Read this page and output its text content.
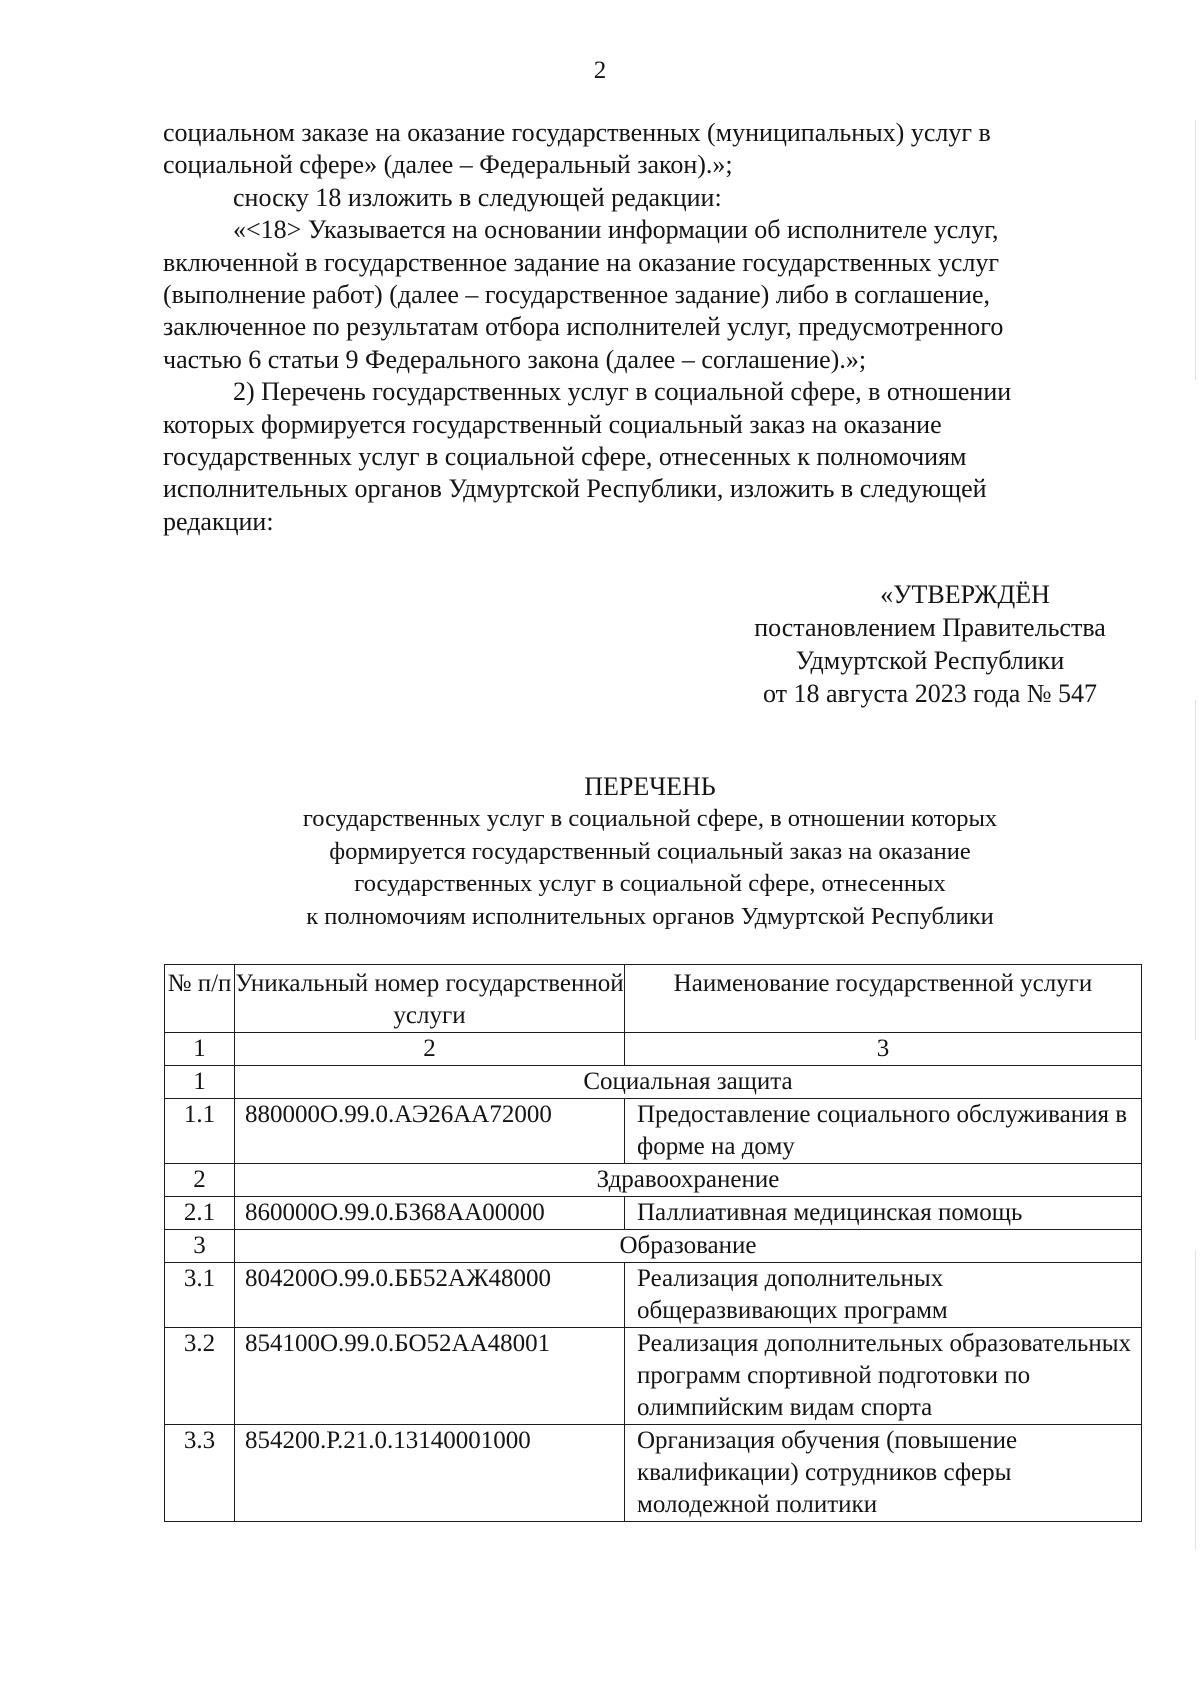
2

социальном заказе на оказание государственных (муниципальных) услуг в

социальной сфере» (далее – Федеральный закон).»;

сноску 18 изложить в следующей редакции:

«<18> Указывается на основании информации об исполнителе услуг,

включенной в государственное задание на оказание государственных услуг

(выполнение работ) (далее – государственное задание) либо в соглашение,

заключенное по результатам отбора исполнителей услуг, предусмотренного

частью 6 статьи 9 Федерального закона (далее – соглашение).»;

2) Перечень государственных услуг в социальной сфере, в отношении

которых формируется государственный социальный заказ на оказание

государственных услуг в социальной сфере, отнесенных к полномочиям

исполнительных органов Удмуртской Республики, изложить в следующей

редакции:

«УТВЕРЖДЁН
постановлением Правительства
Удмуртской Республики
от 18 августа 2023 года № 547
ПЕРЕЧЕНЬ
государственных услуг в социальной сфере, в отношении которых
формируется государственный социальный заказ на оказание
государственных услуг в социальной сфере, отнесенных
к полномочиям исполнительных органов Удмуртской Республики
№ п/п	Уникальный номер государственной услуги	Наименование государственной услуги
1	2	3
1	Социальная защита	
1.1	880000О.99.0.АЭ26АА72000	Предоставление социального обслуживания в форме на дому
2	Здравоохранение	
2.1	860000О.99.0.БЗ68АА00000	Паллиативная медицинская помощь
3	Образование	
3.1	804200О.99.0.ББ52АЖ48000	Реализация дополнительных общеразвивающих программ
3.2	854100О.99.0.БО52АА48001	Реализация дополнительных образовательных программ спортивной подготовки по олимпийским видам спорта
3.3	854200.Р.21.0.13140001000	Организация обучения (повышение квалификации) сотрудников сферы молодежной политики
